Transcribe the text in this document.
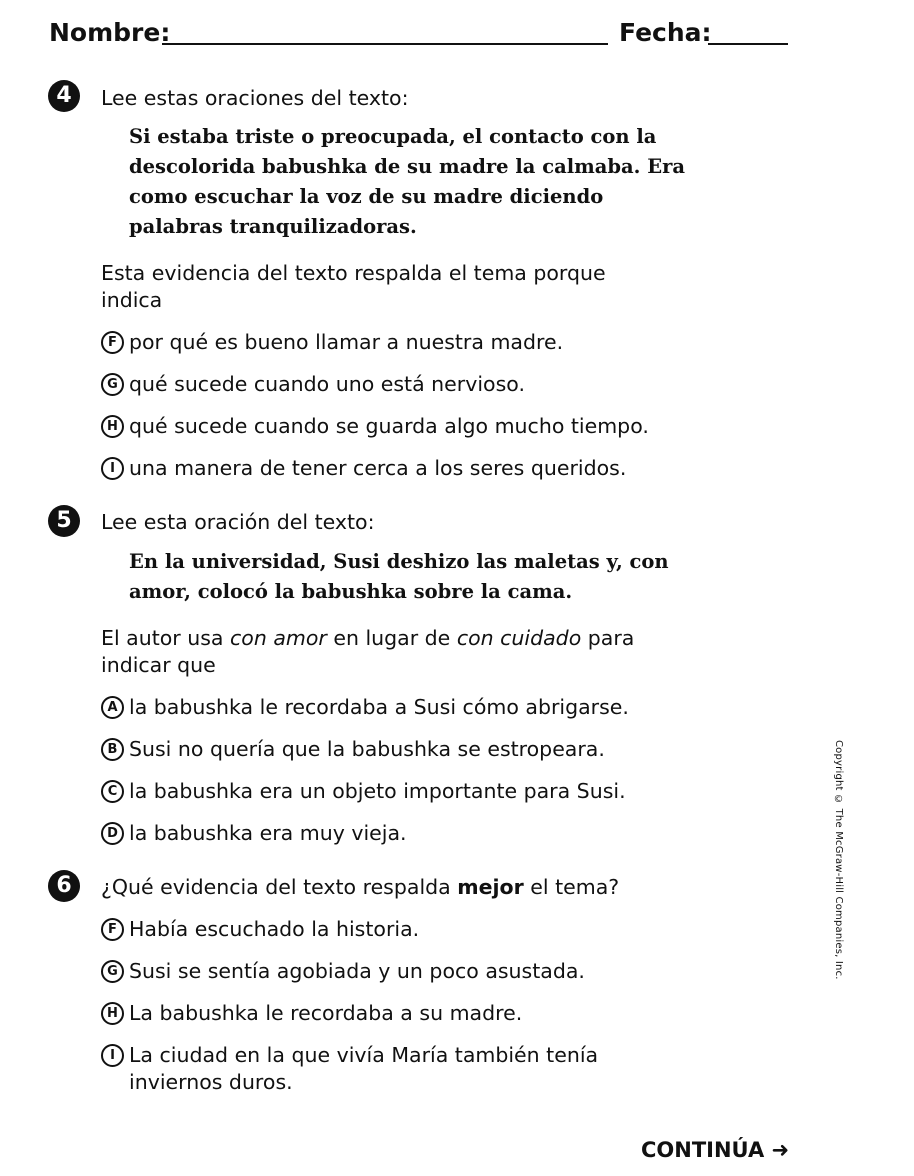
Nombre:	Fecha:
4	Lee estas oraciones del texto:
Si estaba triste o preocupada, el contacto con la descolorida babushka de su madre la calmaba. Era como escuchar la voz de su madre diciendo palabras tranquilizadoras.
Esta evidencia del texto respalda el tema porque indica
F por qué es bueno llamar a nuestra madre.
G qué sucede cuando uno está nervioso.
H qué sucede cuando se guarda algo mucho tiempo.
I una manera de tener cerca a los seres queridos.
5	Lee esta oración del texto:
En la universidad, Susi deshizo las maletas y, con amor, colocó la babushka sobre la cama.
El autor usa con amor en lugar de con cuidado para indicar que
A la babushka le recordaba a Susi cómo abrigarse.
B Susi no quería que la babushka se estropeara.
C la babushka era un objeto importante para Susi.
D la babushka era muy vieja.
6	¿Qué evidencia del texto respalda mejor el tema?
F Había escuchado la historia.
G Susi se sentía agobiada y un poco asustada.
H La babushka le recordaba a su madre.
I La ciudad en la que vivía María también tenía inviernos duros.
Copyright © The McGraw-Hill Companies, Inc.
CONTINÚA ➜
